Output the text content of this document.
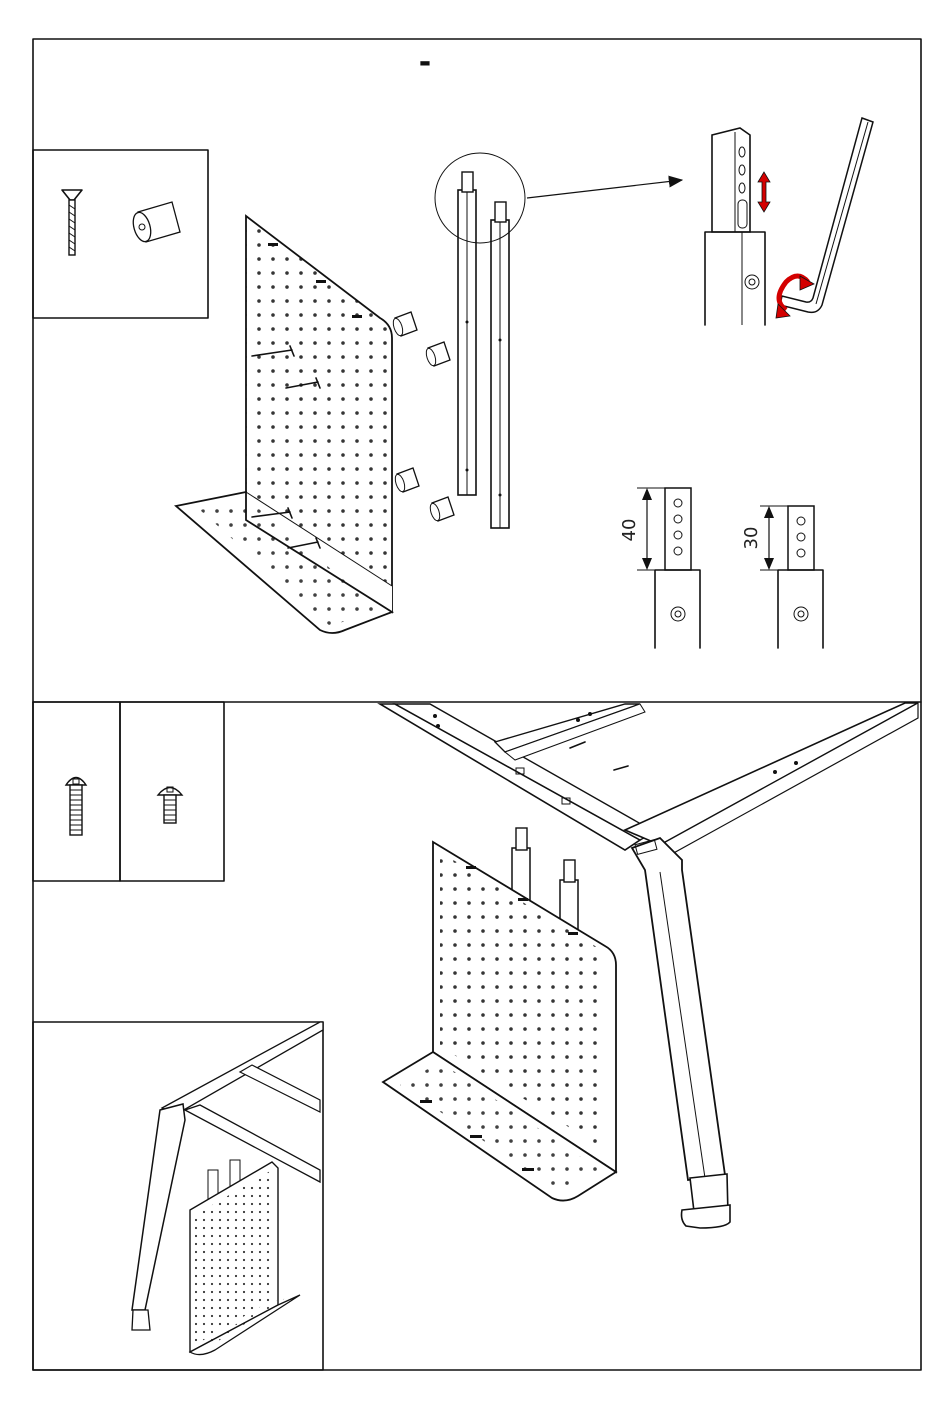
-
40	30
